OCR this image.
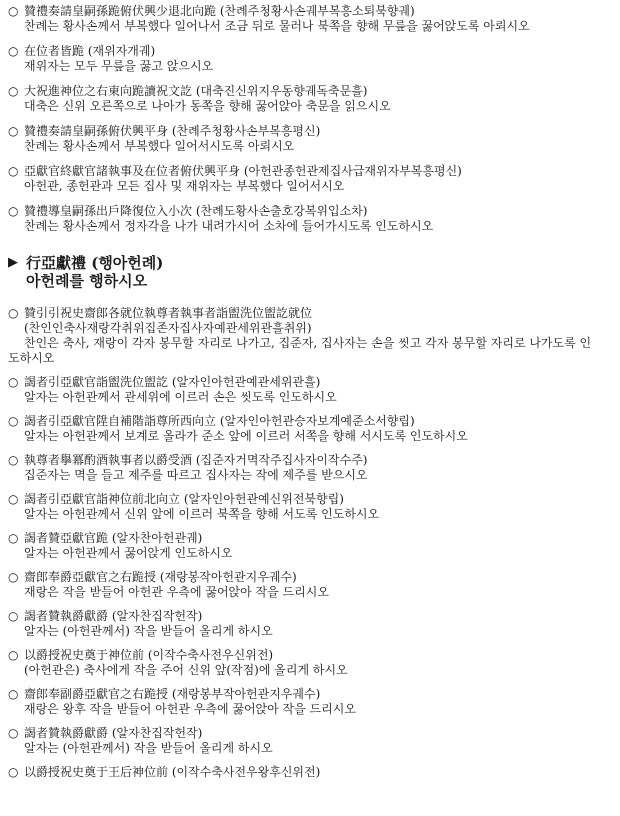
○ 贊禮奏請皇嗣孫跪俯伏興少退北向跪 (찬례주청황사손궤부복흥소퇴북향궤)
찬례는 황사손께서 부복했다 일어나서 조금 뒤로 물러나 북쪽을 향해 무릎을 꿇어앉도록 아뢰시오
○ 在位者皆跪 (재위자개궤)
재위자는 모두 무릎을 꿇고 앉으시오
○ 大祝進神位之右東向跪讀祝文訖 (대축진신위지우동향궤독축문흘)
대축은 신위 오른쪽으로 나아가 동쪽을 향해 꿇어앉아 축문을 읽으시오
○ 贊禮奏請皇嗣孫俯伏興平身 (찬례주청황사손부복흥평신)
찬례는 황사손께서 부복했다 일어서시도록 아뢰시오
○ 亞獻官終獻官諸執事及在位者俯伏興平身 (아헌관종헌관제집사급재위자부복흥평신)
아헌관, 종헌관과 모든 집사 및 재위자는 부복했다 일어서시오
○ 贊禮導皇嗣孫出戶降復位入小次 (찬례도황사손출호강복위입소차)
찬례는 황사손께서 정자각을 나가 내려가시어 소차에 들어가시도록 인도하시오
▶ 行亞獻禮 (행아헌례)
아헌례를 행하시오
○ 贊引引祝史齋郎各就位執尊者執事者詣盥洗位盥訖就位
(찬인인축사재랑각취위집존자집사자예관세위관흘취위)
찬인은 축사, 재랑이 각자 봉무할 자리로 나가고, 집준자, 집사자는 손을 씻고 각자 봉무할 자리로 나가도록 인
도하시오
○ 謁者引亞獻官詣盥洗位盥訖 (알자인아헌관예관세위관흘)
알자는 아헌관께서 관세위에 이르러 손은 씻도록 인도하시오
○ 謁者引亞獻官陞自補階詣尊所西向立 (알자인아헌관승자보계예준소서향립)
알자는 아헌관께서 보계로 올라가 준소 앞에 이르러 서쪽을 향해 서시도록 인도하시오
○ 執尊者擧冪酌酒執事者以爵受酒 (집준자거멱작주집사자이작수주)
집준자는 멱을 들고 제주를 따르고 집사자는 작에 제주를 받으시오
○ 謁者引亞獻官詣神位前北向立 (알자인아헌관예신위전북향립)
알자는 아헌관께서 신위 앞에 이르러 북쪽을 향해 서도록 인도하시오
○ 謁者贊亞獻官跪 (알자찬아헌관궤)
알자는 아헌관께서 꿇어앉게 인도하시오
○ 齋郎奉爵亞獻官之右跪授 (재랑봉작아헌관지우궤수)
재랑은 작을 받들어 아헌관 우측에 꿇어앉아 작을 드리시오
○ 謁者贊執爵獻爵 (알자찬집작헌작)
알자는 (아헌관께서) 작을 받들어 올리게 하시오
○ 以爵授祝史奠于神位前 (이작수축사전우신위전)
(아헌관은) 축사에게 작을 주어 신위 앞(작점)에 올리게 하시오
○ 齋郎奉副爵亞獻官之右跪授 (재랑봉부작아헌관지우궤수)
재랑은 왕후 작을 받들어 아헌관 우측에 꿇어앉아 작을 드리시오
○ 謁者贊執爵獻爵 (알자찬집작헌작)
알자는 (아헌관께서) 작을 받들어 올리게 하시오
○ 以爵授祝史奠于王后神位前 (이작수축사전우왕후신위전)
